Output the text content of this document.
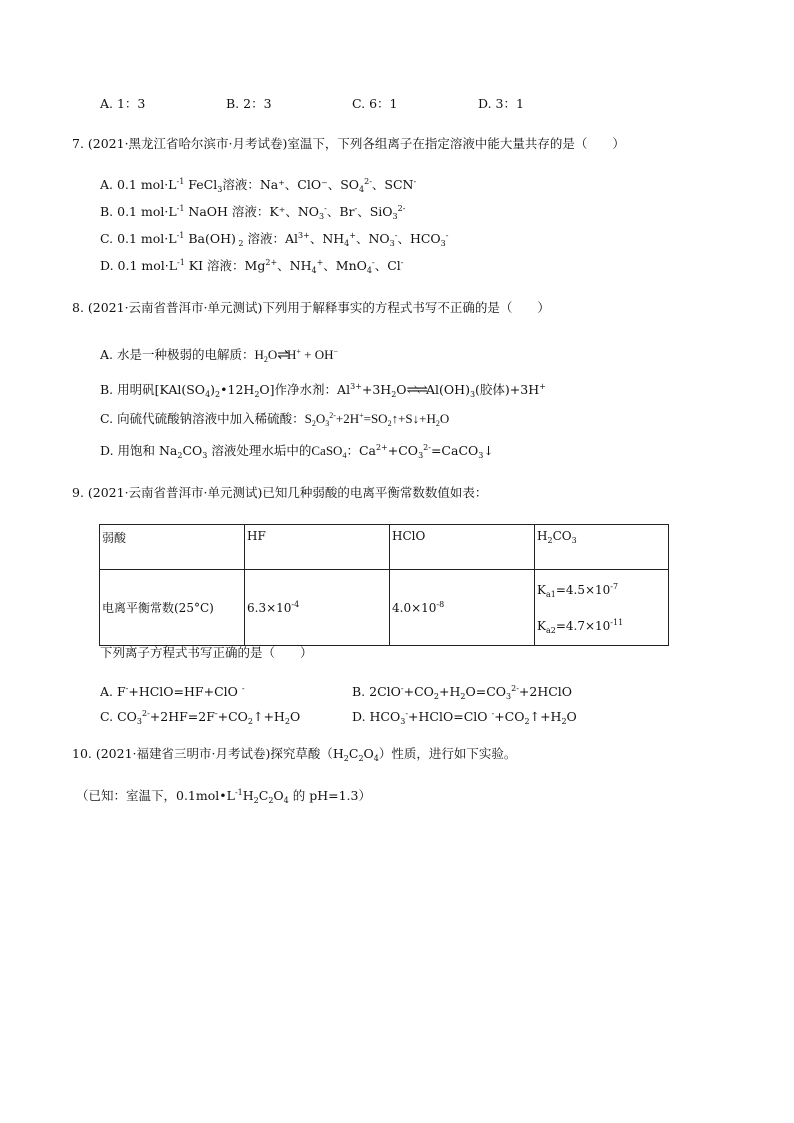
A. 1：3	B. 2：3	C. 6：1	D. 3：1
7. (2021·黑龙江省哈尔滨市·月考试卷)室温下，下列各组离子在指定溶液中能大量共存的是（　　）
A. 0.1 $mol\cdot L^{-1}$ FeCl$_3$溶液：Na⁺、ClO⁻、$SO_4^{2-}$、SCN-
B. 0.1 $mol\cdot L^{-1}$ NaOH 溶液：K⁺、$NO_3^-$、Br-、SiO$_3^{2-}$
C. 0.1 $mol\cdot L^{-1}$ Ba(OH) $_2$ 溶液：$Al^{3+}$、$NH_4^+$、$NO_3^-$、$HCO_3^-$
D. 0.1 $mol\cdot L^{-1}$ KI 溶液：$Mg^{2+}$、$NH_4^+$、MnO$_4$-、Cl-
8. (2021·云南省普洱市·单元测试)下列用于解释事实的方程式书写不正确的是（　　）
A. 水是一种极弱的电解质：$H_2O\rightleftharpoons H^+ + OH^-$
B. 用明矾$[KAl(SO_4)_2•12H_2O]$作净水剂：$Al^{3+}+3H_2O\rightleftharpoons\rightleftharpoons Al(OH)_3$(胶体)+3H+
C. 向硫代硫酸钠溶液中加入稀硫酸：$S_2O_3^{2-}+2H^+=SO_2↑+S↓+H_2O$
D. 用饱和 $Na_2CO_3$ 溶液处理水垢中的CaSO$_4$：$Ca^{2+}+CO_3^{2-}=CaCO_3↓$
9. (2021·云南省普洱市·单元测试)已知几种弱酸的电离平衡常数数值如表：
弱酸	HF	HClO	$H_2CO_3$
电离平衡常数(25°C)	$6.3\times 10^{-4}$	$4.0\times 10^{-8}$	$K_{a1}=4.5\times 10^{-7}$
$K_{a2}=4.7\times 10^{-11}$
下列离子方程式书写正确的是（　　）
A. F-+HClO=HF+ClO -	B. $2ClO^-+CO_2+H_2O=CO_3^{2-}+2HClO$
C. $CO_3^{2-}+2HF=2F^-+CO_2↑+H_2O$	D. $HCO_3^-+HClO=ClO$ $^-+CO_2↑+H_2O$
10. (2021·福建省三明市·月考试卷)探究草酸$(H_2C_2O_4)$性质，进行如下实验。
（已知：室温下，$0.1mol•L^{-1}H_2C_2O_4$ 的 pH=1.3）
